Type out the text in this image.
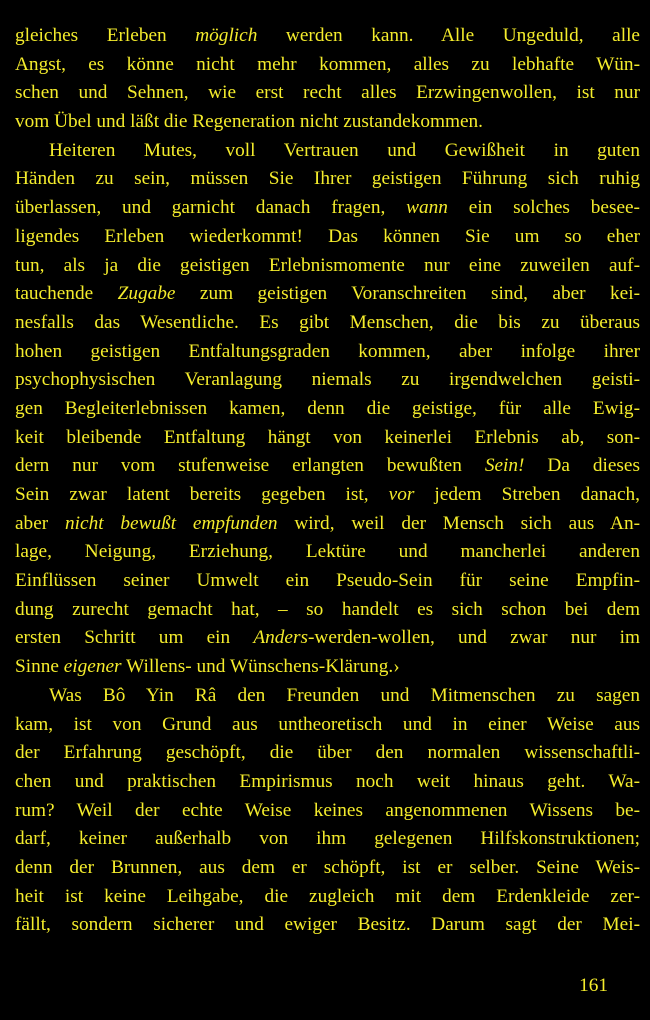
gleiches Erleben möglich werden kann. Alle Ungeduld, alle
Angst, es könne nicht mehr kommen, alles zu lebhafte Wün-
schen und Sehnen, wie erst recht alles Erzwingenwollen, ist nur
vom Übel und läßt die Regeneration nicht zustandekommen.
Heiteren Mutes, voll Vertrauen und Gewißheit in guten
Händen zu sein, müssen Sie Ihrer geistigen Führung sich ruhig
überlassen, und garnicht danach fragen, wann ein solches besee-
ligendes Erleben wiederkommt! Das können Sie um so eher
tun, als ja die geistigen Erlebnismomente nur eine zuweilen auf-
tauchende Zugabe zum geistigen Voranschreiten sind, aber kei-
nesfalls das Wesentliche. Es gibt Menschen, die bis zu überaus
hohen geistigen Entfaltungsgraden kommen, aber infolge ihrer
psychophysischen Veranlagung niemals zu irgendwelchen geisti-
gen Begleiterlebnissen kamen, denn die geistige, für alle Ewig-
keit bleibende Entfaltung hängt von keinerlei Erlebnis ab, son-
dern nur vom stufenweise erlangten bewußten Sein! Da dieses
Sein zwar latent bereits gegeben ist, vor jedem Streben danach,
aber nicht bewußt empfunden wird, weil der Mensch sich aus An-
lage, Neigung, Erziehung, Lektüre und mancherlei anderen
Einflüssen seiner Umwelt ein Pseudo-Sein für seine Empfin-
dung zurecht gemacht hat, – so handelt es sich schon bei dem
ersten Schritt um ein Anders-werden-wollen, und zwar nur im
Sinne eigener Willens- und Wünschens-Klärung.›
Was Bô Yin Râ den Freunden und Mitmenschen zu sagen
kam, ist von Grund aus untheoretisch und in einer Weise aus
der Erfahrung geschöpft, die über den normalen wissenschaftli-
chen und praktischen Empirismus noch weit hinaus geht. Wa-
rum? Weil der echte Weise keines angenommenen Wissens be-
darf, keiner außerhalb von ihm gelegenen Hilfskonstruktionen;
denn der Brunnen, aus dem er schöpft, ist er selber. Seine Weis-
heit ist keine Leihgabe, die zugleich mit dem Erdenkleide zer-
fällt, sondern sicherer und ewiger Besitz. Darum sagt der Mei-
161
